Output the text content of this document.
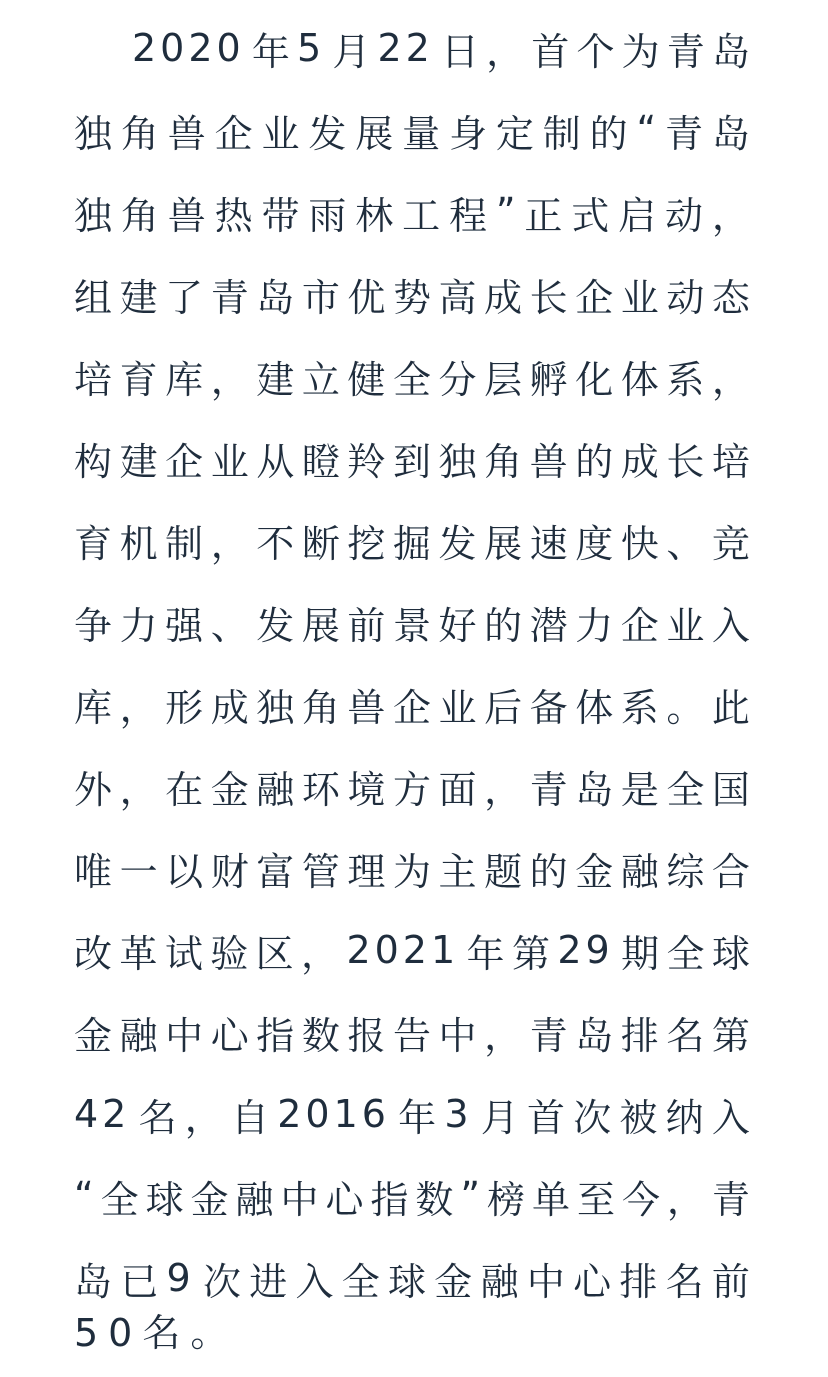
2020 年 5 月 22 日 ， 首 个 为 青 岛
独 角 兽 企 业 发 展 量 身 定 制 的 “ 青 岛
独 角 兽 热 带 雨 林 工 程 ” 正 式 启 动 ，
组 建 了 青 岛 市 优 势 高 成 长 企 业 动 态
培 育 库 ， 建 立 健 全 分 层 孵 化 体 系 ，
构 建 企 业 从 瞪 羚 到 独 角 兽 的 成 长 培
育 机 制 ， 不 断 挖 掘 发 展 速 度 快 、 竞
争 力 强 、 发 展 前 景 好 的 潜 力 企 业 入
库 ， 形 成 独 角 兽 企 业 后 备 体 系 。 此
外 ， 在 金 融 环 境 方 面 ， 青 岛 是 全 国
唯 一 以 财 富 管 理 为 主 题 的 金 融 综 合
改 革 试 验 区 ， 2021 年 第 29 期 全 球
金 融 中 心 指 数 报 告 中 ， 青 岛 排 名 第
42 名 ， 自 2016 年 3 月 首 次 被 纳 入
“ 全 球 金 融 中 心 指 数 ” 榜 单 至 今 ， 青
岛 已 9 次 进 入 全 球 金 融 中 心 排 名 前
50名。
